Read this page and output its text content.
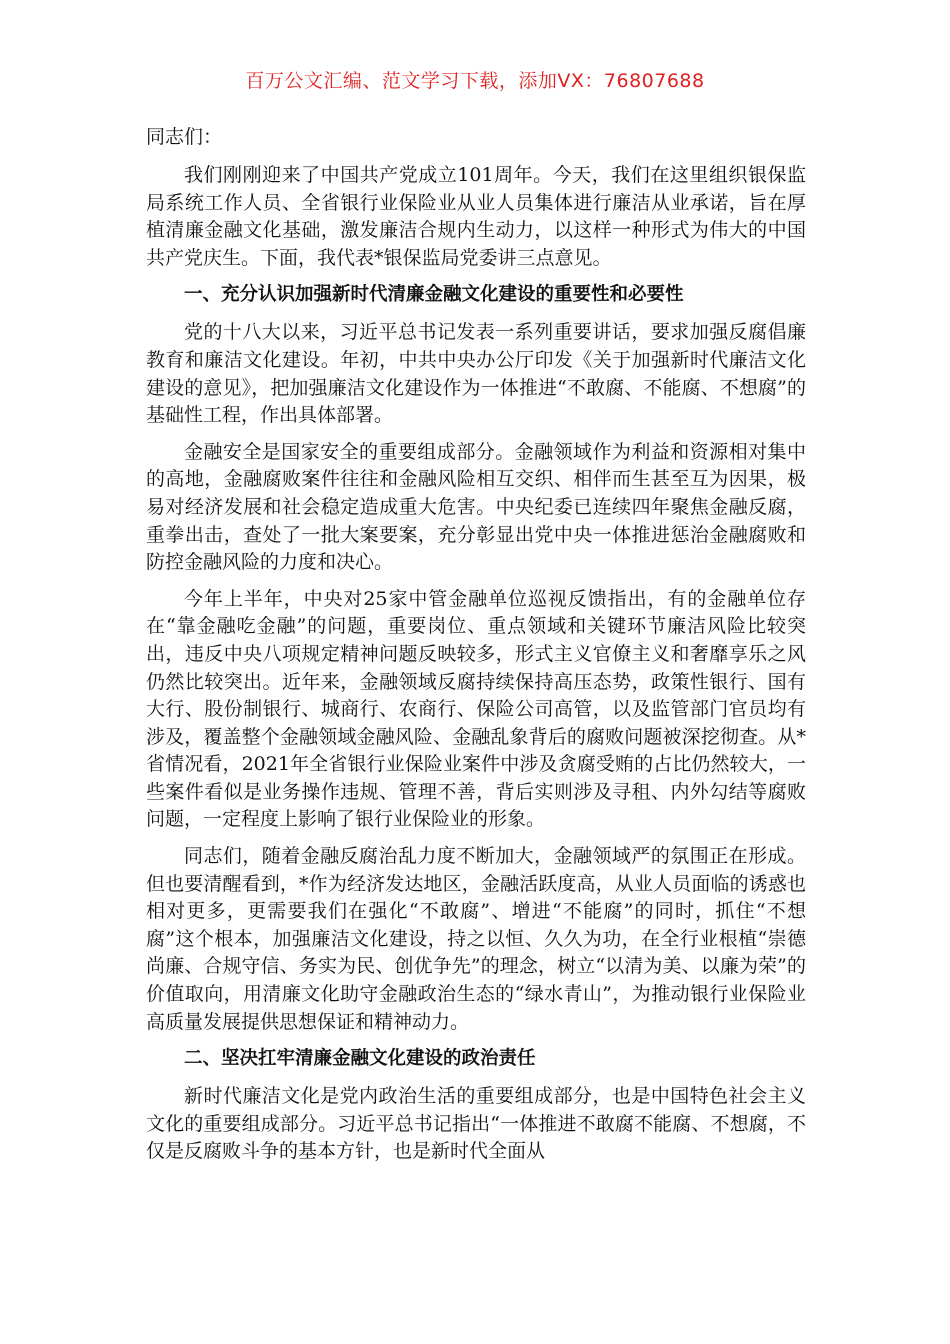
百万公文汇编、范文学习下载，添加VX：76807688

同志们：

我们刚刚迎来了中国共产党成立101周年。今天，我们在这里组织银保监局系统工作人员、全省银行业保险业从业人员集体进行廉洁从业承诺，旨在厚植清廉金融文化基础，激发廉洁合规内生动力，以这样一种形式为伟大的中国共产党庆生。下面，我代表*银保监局党委讲三点意见。

一、充分认识加强新时代清廉金融文化建设的重要性和必要性

党的十八大以来，习近平总书记发表一系列重要讲话，要求加强反腐倡廉教育和廉洁文化建设。年初，中共中央办公厅印发《关于加强新时代廉洁文化建设的意见》，把加强廉洁文化建设作为一体推进“不敢腐、不能腐、不想腐”的基础性工程，作出具体部署。

金融安全是国家安全的重要组成部分。金融领域作为利益和资源相对集中的高地，金融腐败案件往往和金融风险相互交织、相伴而生甚至互为因果，极易对经济发展和社会稳定造成重大危害。中央纪委已连续四年聚焦金融反腐，重拳出击，查处了一批大案要案，充分彰显出党中央一体推进惩治金融腐败和防控金融风险的力度和决心。

今年上半年，中央对25家中管金融单位巡视反馈指出，有的金融单位存在“靠金融吃金融”的问题，重要岗位、重点领域和关键环节廉洁风险比较突出，违反中央八项规定精神问题反映较多，形式主义官僚主义和奢靡享乐之风仍然比较突出。近年来，金融领域反腐持续保持高压态势，政策性银行、国有大行、股份制银行、城商行、农商行、保险公司高管，以及监管部门官员均有涉及，覆盖整个金融领域金融风险、金融乱象背后的腐败问题被深挖彻查。从*省情况看，2021年全省银行业保险业案件中涉及贪腐受贿的占比仍然较大，一些案件看似是业务操作违规、管理不善，背后实则涉及寻租、内外勾结等腐败问题，一定程度上影响了银行业保险业的形象。

同志们，随着金融反腐治乱力度不断加大，金融领域严的氛围正在形成。但也要清醒看到，*作为经济发达地区，金融活跃度高，从业人员面临的诱惑也相对更多，更需要我们在强化“不敢腐”、增进“不能腐”的同时，抓住“不想腐”这个根本，加强廉洁文化建设，持之以恒、久久为功，在全行业根植“崇德尚廉、合规守信、务实为民、创优争先”的理念，树立“以清为美、以廉为荣”的价值取向，用清廉文化助守金融政治生态的“绿水青山”，为推动银行业保险业高质量发展提供思想保证和精神动力。

二、坚决扛牢清廉金融文化建设的政治责任

新时代廉洁文化是党内政治生活的重要组成部分，也是中国特色社会主义文化的重要组成部分。习近平总书记指出“一体推进不敢腐不能腐、不想腐，不仅是反腐败斗争的基本方针，也是新时代全面从
